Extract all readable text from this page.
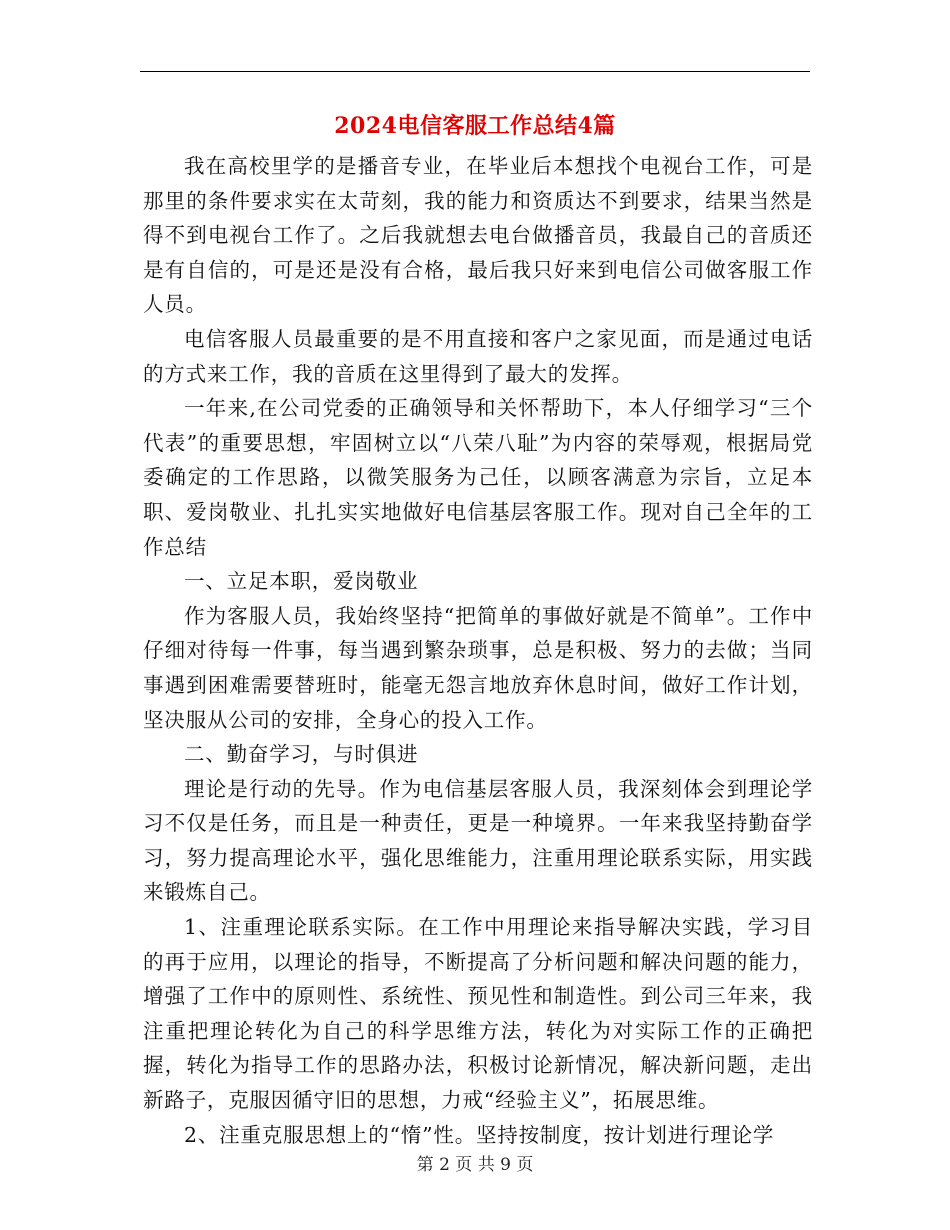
2024电信客服工作总结4篇

我在高校里学的是播音专业，在毕业后本想找个电视台工作，可是那里的条件要求实在太苛刻，我的能力和资质达不到要求，结果当然是得不到电视台工作了。之后我就想去电台做播音员，我最自己的音质还是有自信的，可是还是没有合格，最后我只好来到电信公司做客服工作人员。

电信客服人员最重要的是不用直接和客户之家见面，而是通过电话的方式来工作，我的音质在这里得到了最大的发挥。

一年来,在公司党委的正确领导和关怀帮助下，本人仔细学习“三个代表”的重要思想，牢固树立以“八荣八耻”为内容的荣辱观，根据局党委确定的工作思路，以微笑服务为己任，以顾客满意为宗旨，立足本职、爱岗敬业、扎扎实实地做好电信基层客服工作。现对自己全年的工作总结

一、立足本职，爱岗敬业

作为客服人员，我始终坚持“把简单的事做好就是不简单”。工作中仔细对待每一件事，每当遇到繁杂琐事，总是积极、努力的去做；当同事遇到困难需要替班时，能毫无怨言地放弃休息时间，做好工作计划，坚决服从公司的安排，全身心的投入工作。

二、勤奋学习，与时俱进

理论是行动的先导。作为电信基层客服人员，我深刻体会到理论学习不仅是任务，而且是一种责任，更是一种境界。一年来我坚持勤奋学习，努力提高理论水平，强化思维能力，注重用理论联系实际，用实践来锻炼自己。

1、注重理论联系实际。在工作中用理论来指导解决实践，学习目的再于应用，以理论的指导，不断提高了分析问题和解决问题的能力，增强了工作中的原则性、系统性、预见性和制造性。到公司三年来，我注重把理论转化为自己的科学思维方法，转化为对实际工作的正确把握，转化为指导工作的思路办法，积极讨论新情况，解决新问题，走出新路子，克服因循守旧的思想，力戒“经验主义”，拓展思维。

2、注重克服思想上的“惰”性。坚持按制度，按计划进行理论学

第 2 页 共 9 页
